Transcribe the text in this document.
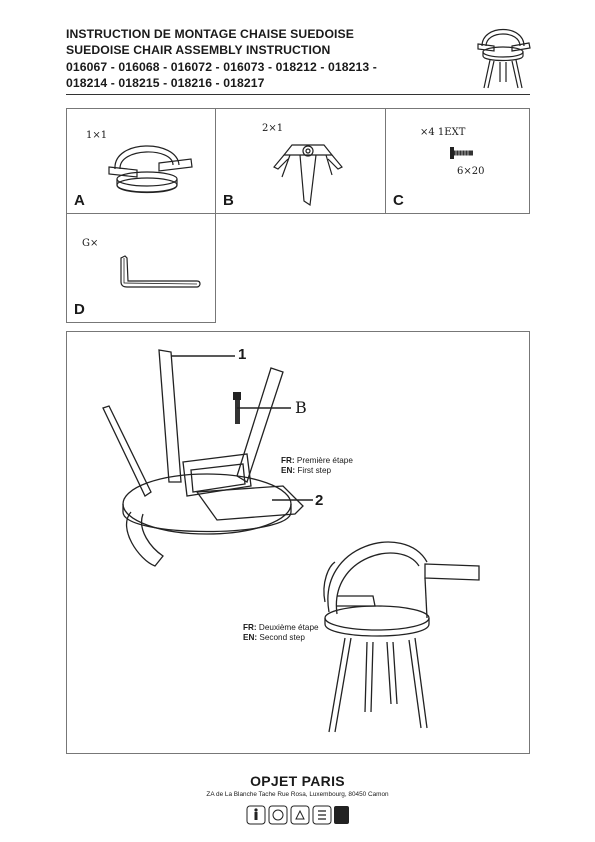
INSTRUCTION DE MONTAGE CHAISE SUEDOISE
SUEDOISE CHAIR ASSEMBLY INSTRUCTION
016067 - 016068 - 016072 - 016073 - 018212 - 018213 -
018214 - 018215 - 018216 - 018217
1×1
A
2×1
B
×4 1EXT
6×20
C
G×
D
1
B
2
FR: Première étape
EN: First step
FR: Deuxième étape
EN: Second step
OPJET PARIS
ZA de La Blanche Tache Rue Rosa, Luxembourg, 80450 Camon
